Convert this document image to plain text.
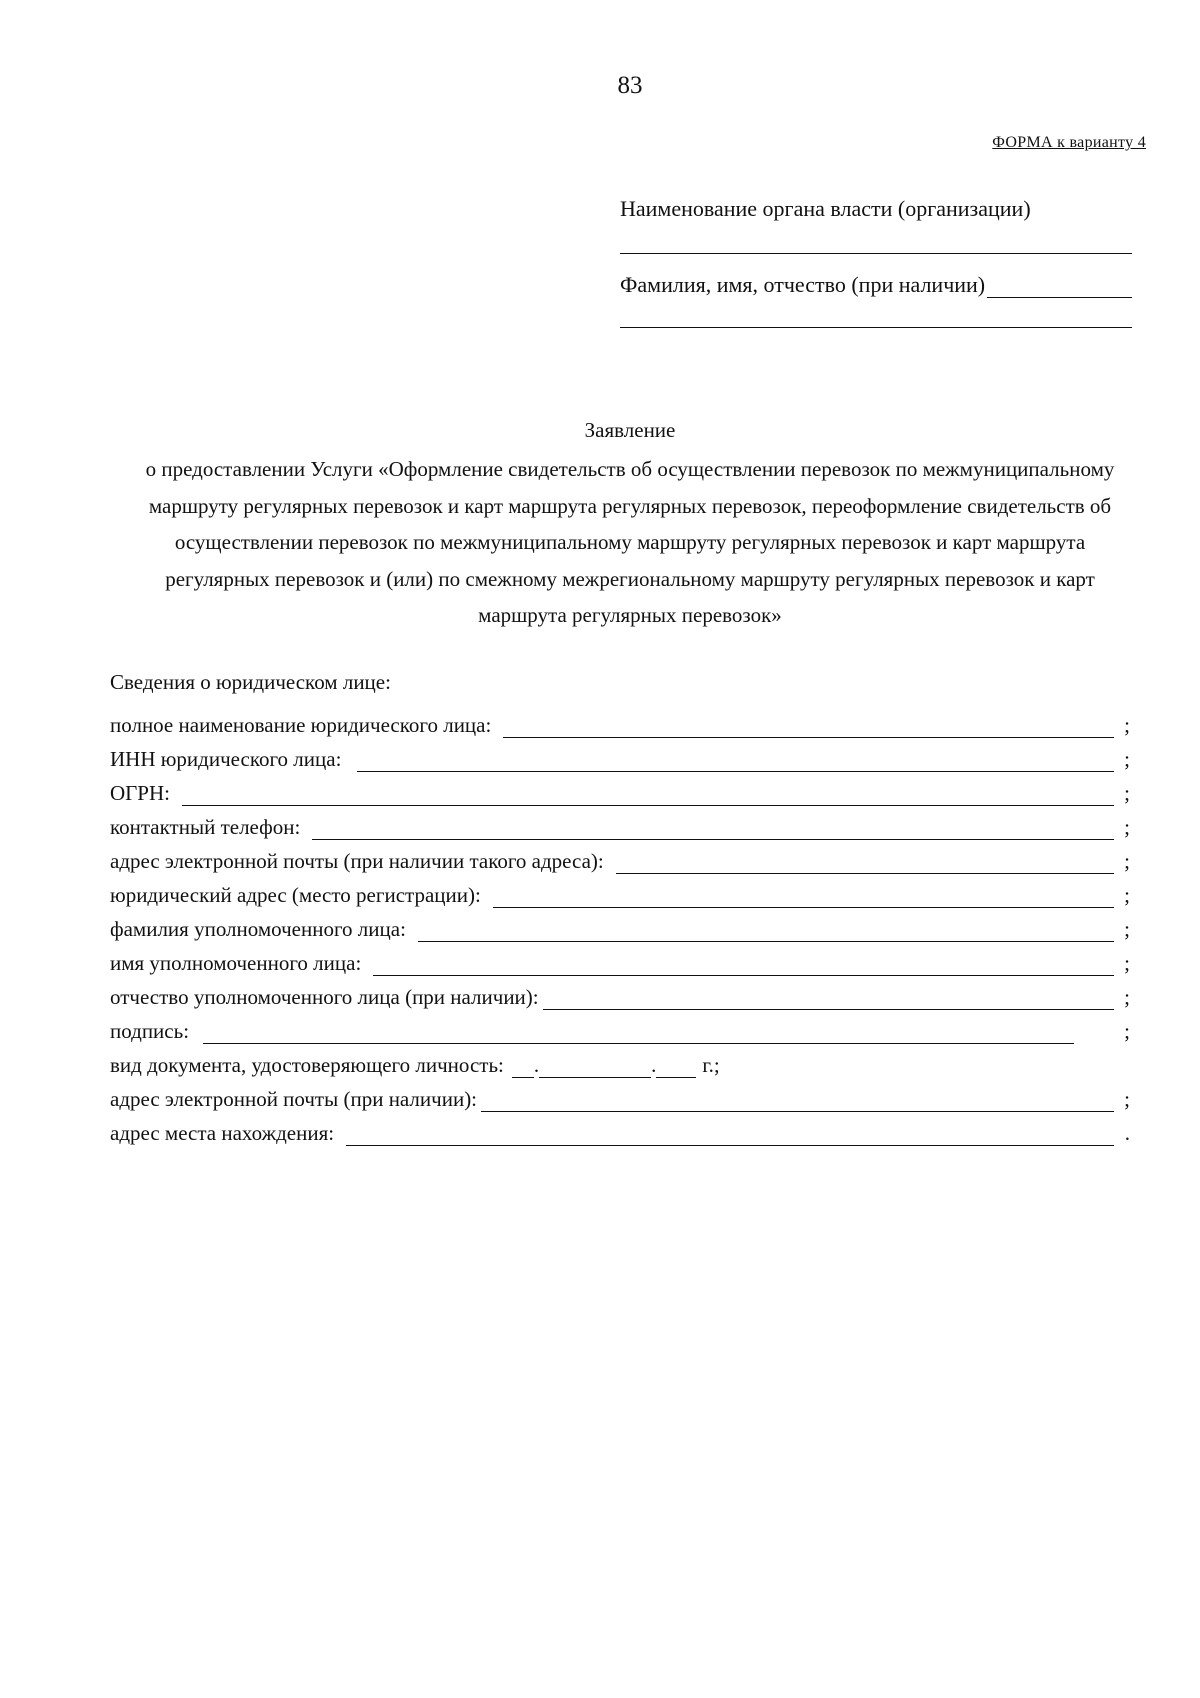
83
ФОРМА к варианту 4
Наименование органа власти (организации)
Фамилия, имя, отчество (при наличии)
Заявление
о предоставлении Услуги «Оформление свидетельств об осуществлении перевозок по межмуниципальному маршруту регулярных перевозок и карт маршрута регулярных перевозок, переоформление свидетельств об осуществлении перевозок по межмуниципальному маршруту регулярных перевозок и карт маршрута регулярных перевозок и (или) по смежному межрегиональному маршруту регулярных перевозок и карт маршрута регулярных перевозок»
Сведения о юридическом лице:
полное наименование юридического лица:	;
ИНН юридического лица:	;
ОГРН:	;
контактный телефон:	;
адрес электронной почты (при наличии такого адреса):	;
юридический адрес (место регистрации):	;
фамилия уполномоченного лица:	;
имя уполномоченного лица:	;
отчество уполномоченного лица (при наличии):	;
подпись:	;
вид документа, удостоверяющего личность: .	. г.;
адрес электронной почты (при наличии):	;
адрес места нахождения:	.
